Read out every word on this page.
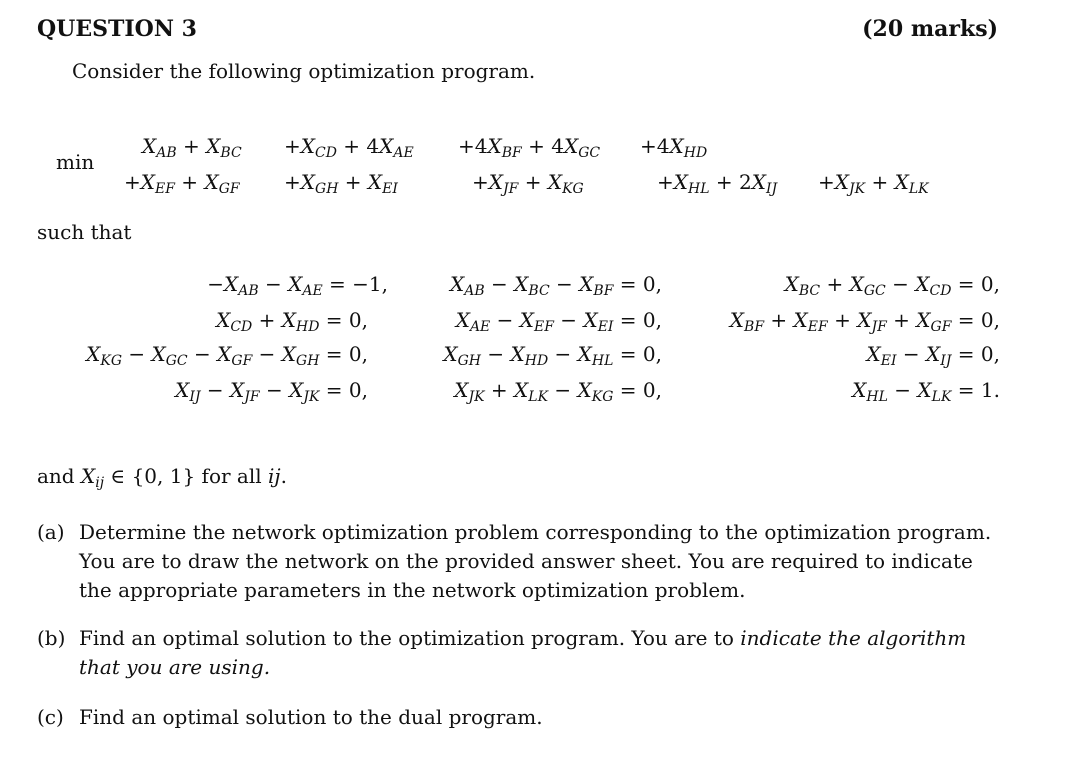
QUESTION 3	(20 marks)
Consider the following optimization program.
min
$X_{AB} + X_{BC} +X_{CD} + 4X_{AE} +4X_{BF} + 4X_{GC} +4X_{HD}$
$+X_{EF} + X_{GF} +X_{GH} + X_{EI}$	$+X_{JF} + X_{KG}$	$+X_{HL} + 2X_{IJ} +X_{JK} + X_{LK}$
such that
$-X_{AB} - X_{AE} = -1$,	$X_{AB} - X_{BC} - X_{BF} = 0$,	$X_{BC} + X_{GC} - X_{CD} = 0$,
$X_{CD} + X_{HD} = 0$,	$X_{AE} - X_{EF} - X_{EI} = 0$,	$X_{BF} + X_{EF} + X_{JF} + X_{GF} = 0$,
$X_{KG} - X_{GC} - X_{GF} - X_{GH} = 0$,	$X_{GH} - X_{HD} - X_{HL} = 0$,	$X_{EI} - X_{IJ} = 0$,
$X_{IJ} - X_{JF} - X_{JK} = 0$,	$X_{JK} + X_{LK} - X_{KG} = 0$,	$X_{HL} - X_{LK} = 1$.
and $X_{ij}$ ∈ {0, 1} for all ij.
(a) Determine the network optimization problem corresponding to the optimization program. You are to draw the network on the provided answer sheet. You are required to indicate the appropriate parameters in the network optimization problem.
(b) Find an optimal solution to the optimization program. You are to indicate the algorithm that you are using.
(c) Find an optimal solution to the dual program.
